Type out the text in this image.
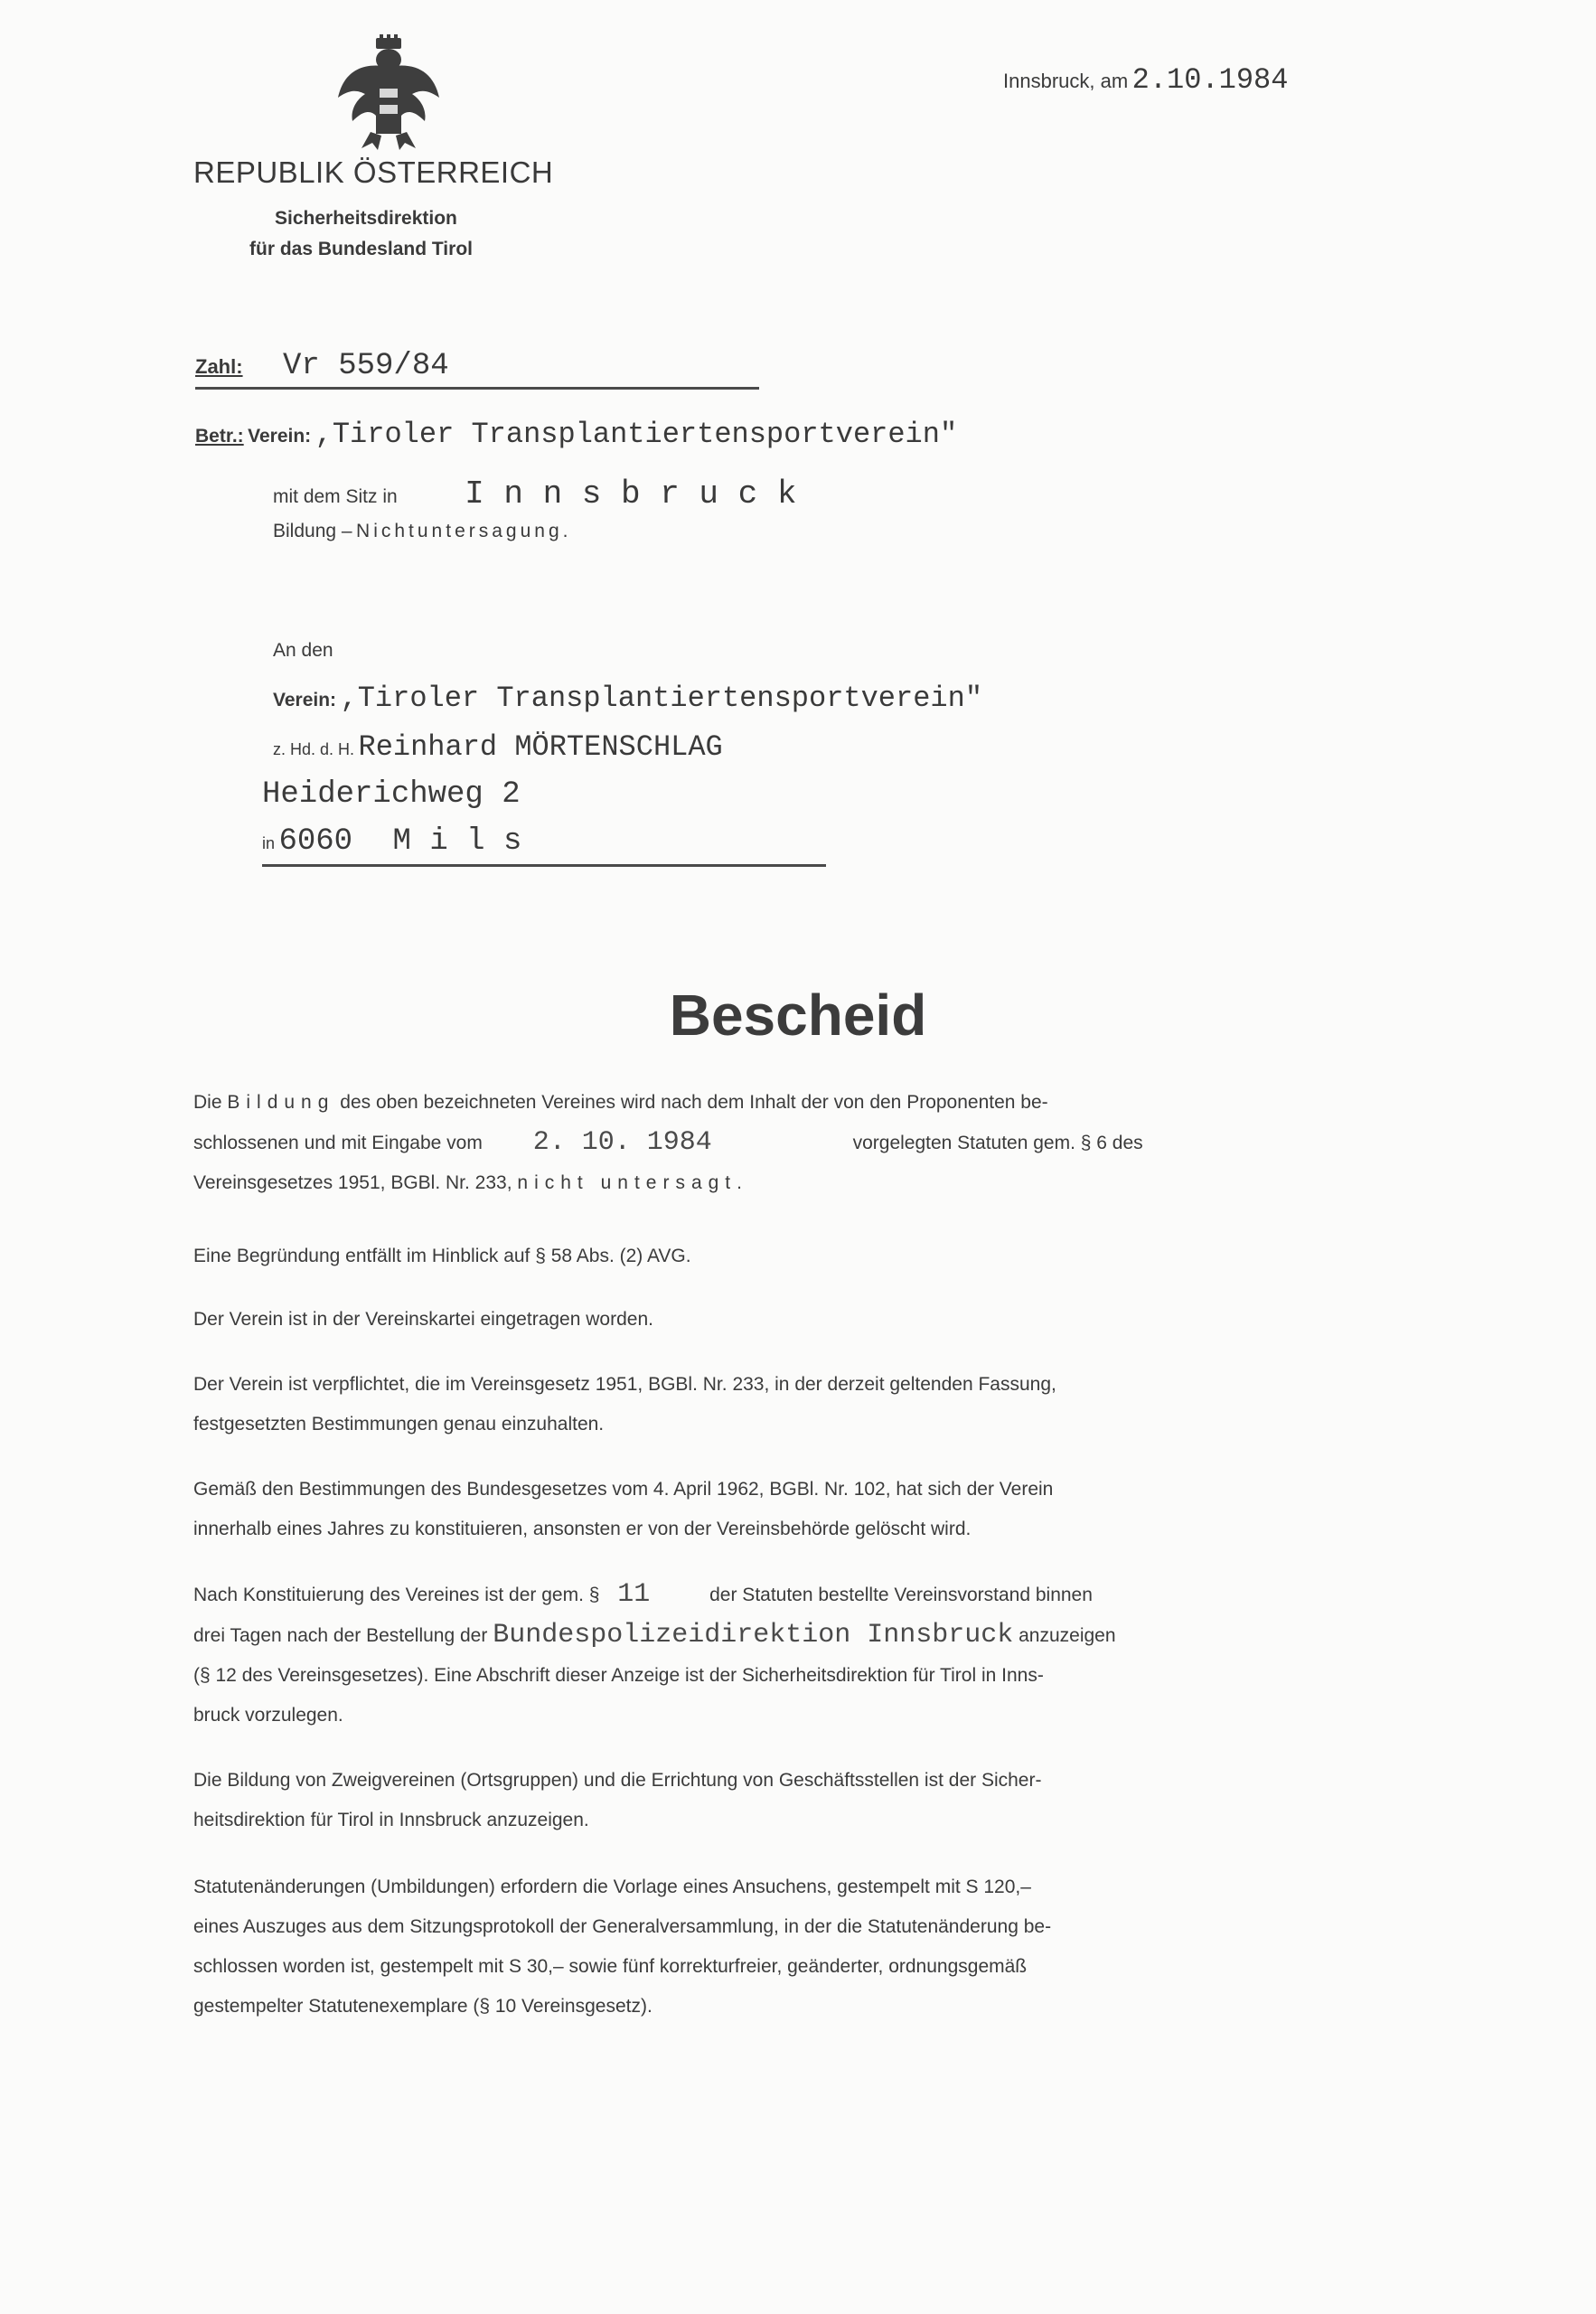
REPUBLIK ÖSTERREICH
Sicherheitsdirektion
für das Bundesland Tirol
Innsbruck, am 2.10.1984
Zahl: Vr 559/84
Betr.: Verein: ,Tiroler Transplantiertensportverein"
mit dem Sitz in I n n s b r u c k
Bildung – Nichtuntersagung.
An den
Verein: ,Tiroler Transplantiertensportverein"
z. Hd. d. H. Reinhard MÖRTENSCHLAG
Heiderichweg 2
in 6060 M i l s
Bescheid
Die Bildung des oben bezeichneten Vereines wird nach dem Inhalt der von den Proponenten be-
schlossenen und mit Eingabe vom 2. 10. 1984	vorgelegten Statuten gem. § 6 des
Vereinsgesetzes 1951, BGBl. Nr. 233, nicht untersagt.
Eine Begründung entfällt im Hinblick auf § 58 Abs. (2) AVG.
Der Verein ist in der Vereinskartei eingetragen worden.
Der Verein ist verpflichtet, die im Vereinsgesetz 1951, BGBl. Nr. 233, in der derzeit geltenden Fassung,
festgesetzten Bestimmungen genau einzuhalten.
Gemäß den Bestimmungen des Bundesgesetzes vom 4. April 1962, BGBl. Nr. 102, hat sich der Verein
innerhalb eines Jahres zu konstituieren, ansonsten er von der Vereinsbehörde gelöscht wird.
Nach Konstituierung des Vereines ist der gem. § 11	der Statuten bestellte Vereinsvorstand binnen
drei Tagen nach der Bestellung der Bundespolizeidirektion Innsbruck anzuzeigen
(§ 12 des Vereinsgesetzes). Eine Abschrift dieser Anzeige ist der Sicherheitsdirektion für Tirol in Inns-
bruck vorzulegen.
Die Bildung von Zweigvereinen (Ortsgruppen) und die Errichtung von Geschäftsstellen ist der Sicher-
heitsdirektion für Tirol in Innsbruck anzuzeigen.
Statutenänderungen (Umbildungen) erfordern die Vorlage eines Ansuchens, gestempelt mit S 120,–
eines Auszuges aus dem Sitzungsprotokoll der Generalversammlung, in der die Statutenänderung be-
schlossen worden ist, gestempelt mit S 30,– sowie fünf korrekturfreier, geänderter, ordnungsgemäß
gestempelter Statutenexemplare (§ 10 Vereinsgesetz).
